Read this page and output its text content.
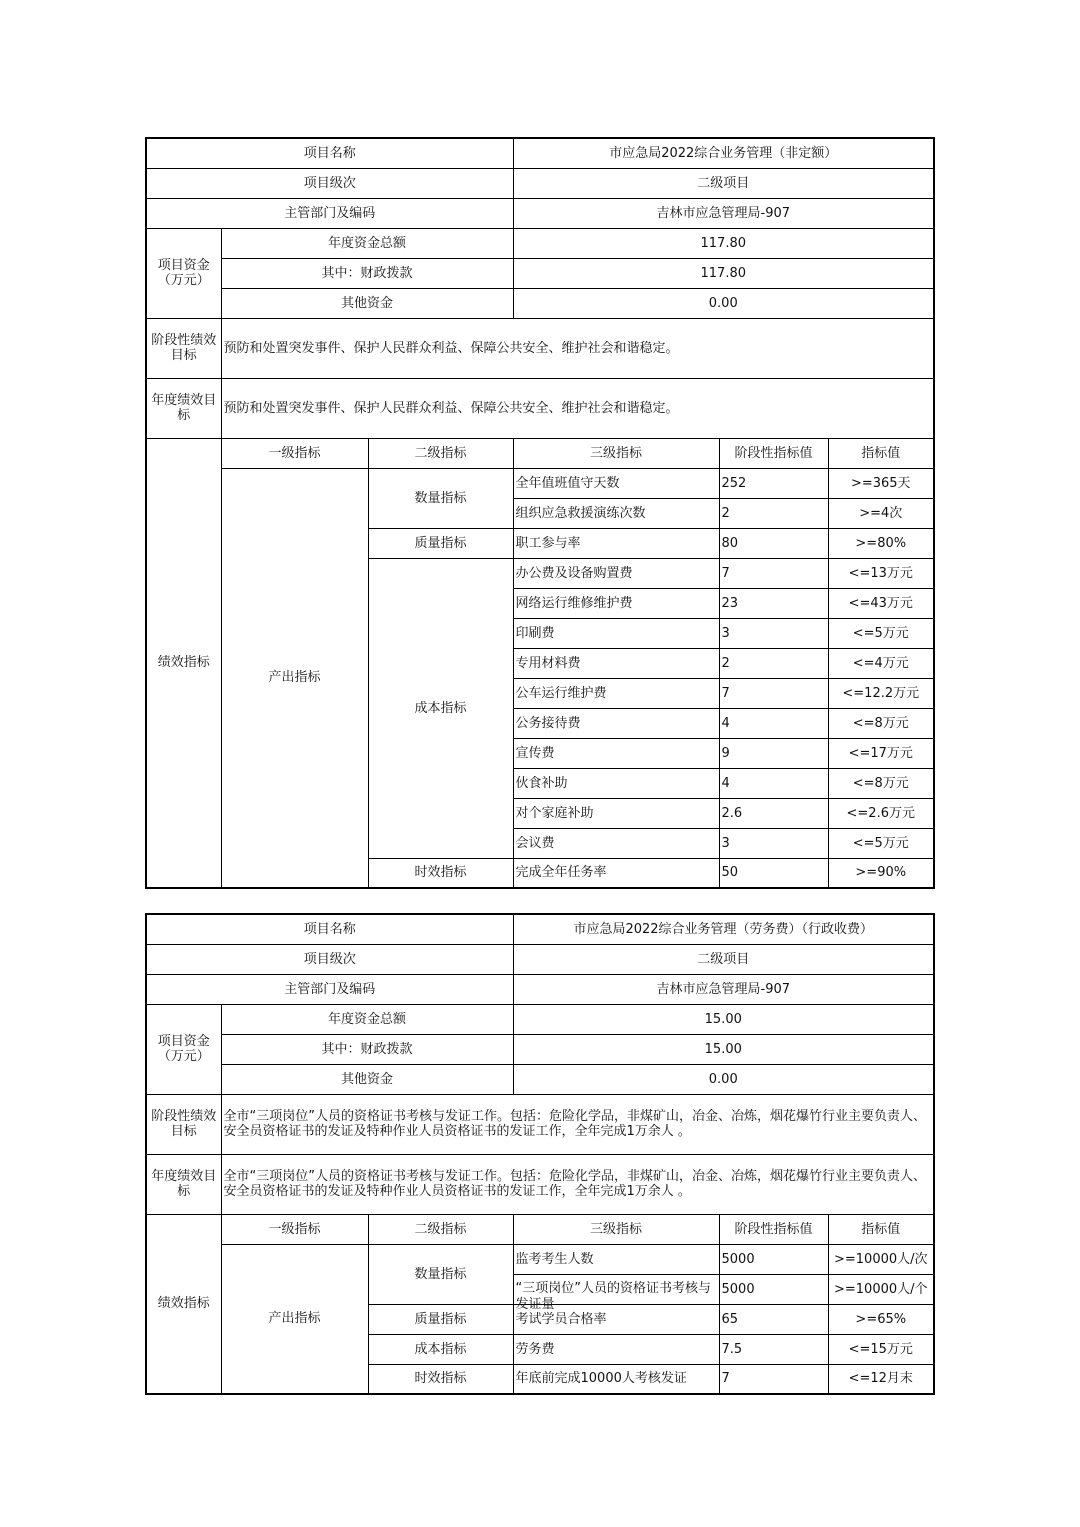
项目名称			市应急局2022综合业务管理（非定额）		
项目级次			二级项目		
主管部门及编码			吉林市应急管理局-907		
项目资金（万元）	年度资金总额		117.80		
	其中：财政拨款		117.80		
	其他资金		0.00		
阶段性绩效目标	预防和处置突发事件、保护人民群众利益、保障公共安全、维护社会和谐稳定。				
年度绩效目标	预防和处置突发事件、保护人民群众利益、保障公共安全、维护社会和谐稳定。				
绩效指标	一级指标	二级指标	三级指标	阶段性指标值	指标值
	产出指标	数量指标	全年值班值守天数	252	>=365天
			组织应急救援演练次数	2	>=4次
		质量指标	职工参与率	80	>=80%
		成本指标	办公费及设备购置费	7	<=13万元
			网络运行维修维护费	23	<=43万元
			印刷费	3	<=5万元
			专用材料费	2	<=4万元
			公车运行维护费	7	<=12.2万元
			公务接待费	4	<=8万元
			宣传费	9	<=17万元
			伙食补助	4	<=8万元
			对个家庭补助	2.6	<=2.6万元
			会议费	3	<=5万元
		时效指标	完成全年任务率	50	>=90%
项目名称			市应急局2022综合业务管理（劳务费）（行政收费）		
项目级次			二级项目		
主管部门及编码			吉林市应急管理局-907		
项目资金（万元）	年度资金总额		15.00		
	其中：财政拨款		15.00		
	其他资金		0.00		
阶段性绩效目标	全市“三项岗位”人员的资格证书考核与发证工作。包括：危险化学品，非煤矿山，冶金、冶炼，烟花爆竹行业主要负责人、安全员资格证书的发证及特种作业人员资格证书的发证工作，全年完成1万余人 。				
年度绩效目标	全市“三项岗位”人员的资格证书考核与发证工作。包括：危险化学品，非煤矿山，冶金、冶炼，烟花爆竹行业主要负责人、安全员资格证书的发证及特种作业人员资格证书的发证工作，全年完成1万余人 。				
绩效指标	一级指标	二级指标	三级指标	阶段性指标值	指标值
	产出指标	数量指标	监考考生人数	5000	>=10000人/次

			“三项岗位”人员的资格证书考核与发证量	5000	>=10000人/个
		质量指标	考试学员合格率	65	>=65%
		成本指标	劳务费	7.5	<=15万元
		时效指标	年底前完成10000人考核发证	7	<=12月末
